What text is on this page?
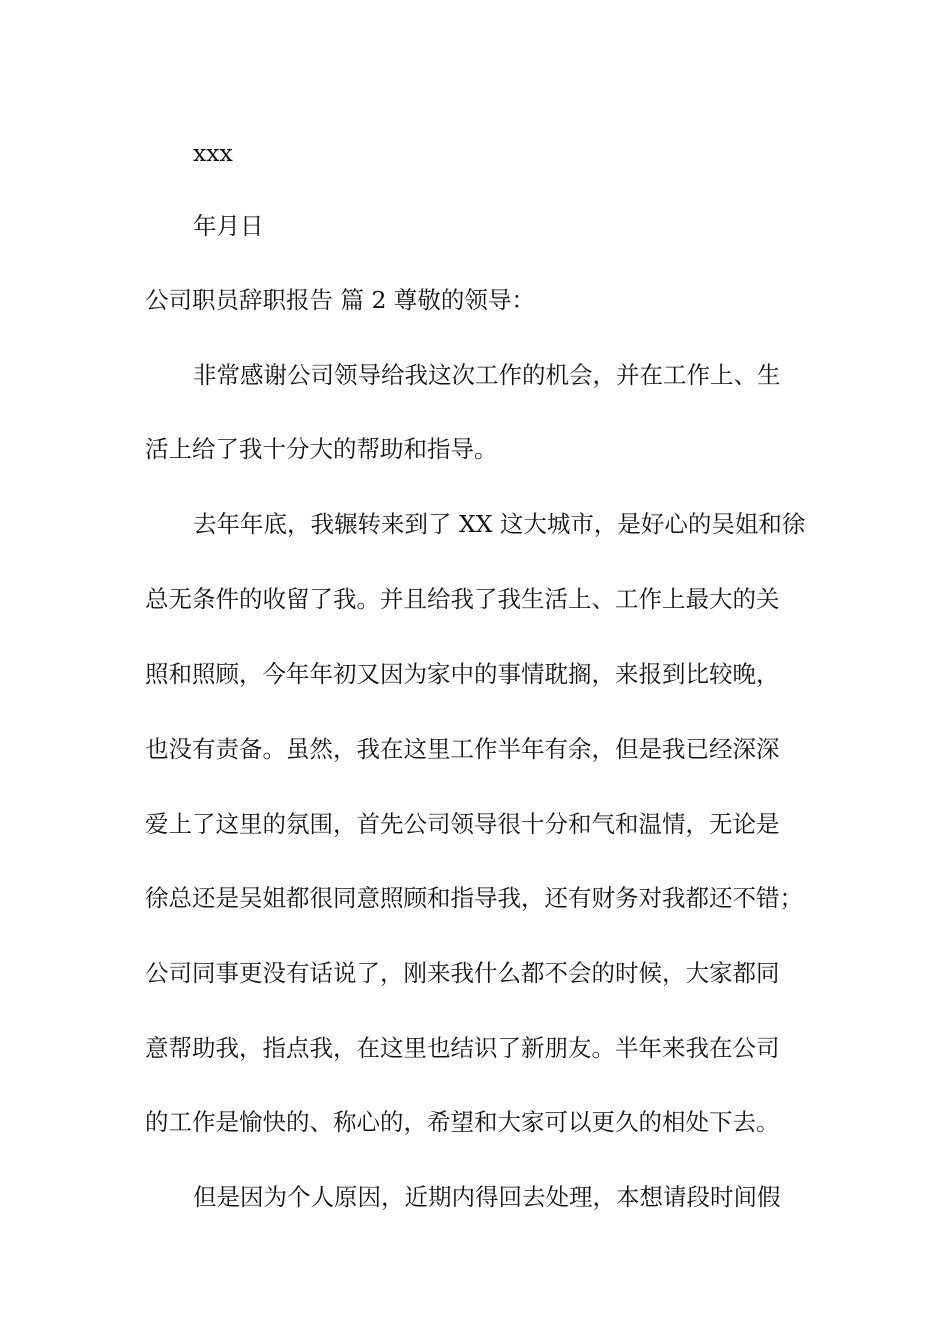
xxx
年月日
公司职员辞职报告 篇 2 尊敬的领导：
非常感谢公司领导给我这次工作的机会，并在工作上、生
活上给了我十分大的帮助和指导。
去年年底，我辗转来到了 XX 这大城市，是好心的吴姐和徐
总无条件的收留了我。并且给我了我生活上、工作上最大的关
照和照顾，今年年初又因为家中的事情耽搁，来报到比较晚，
也没有责备。虽然，我在这里工作半年有余，但是我已经深深
爱上了这里的氛围，首先公司领导很十分和气和温情，无论是
徐总还是吴姐都很同意照顾和指导我，还有财务对我都还不错；
公司同事更没有话说了，刚来我什么都不会的时候，大家都同
意帮助我，指点我，在这里也结识了新朋友。半年来我在公司
的工作是愉快的、称心的，希望和大家可以更久的相处下去。
但是因为个人原因，近期内得回去处理，本想请段时间假
